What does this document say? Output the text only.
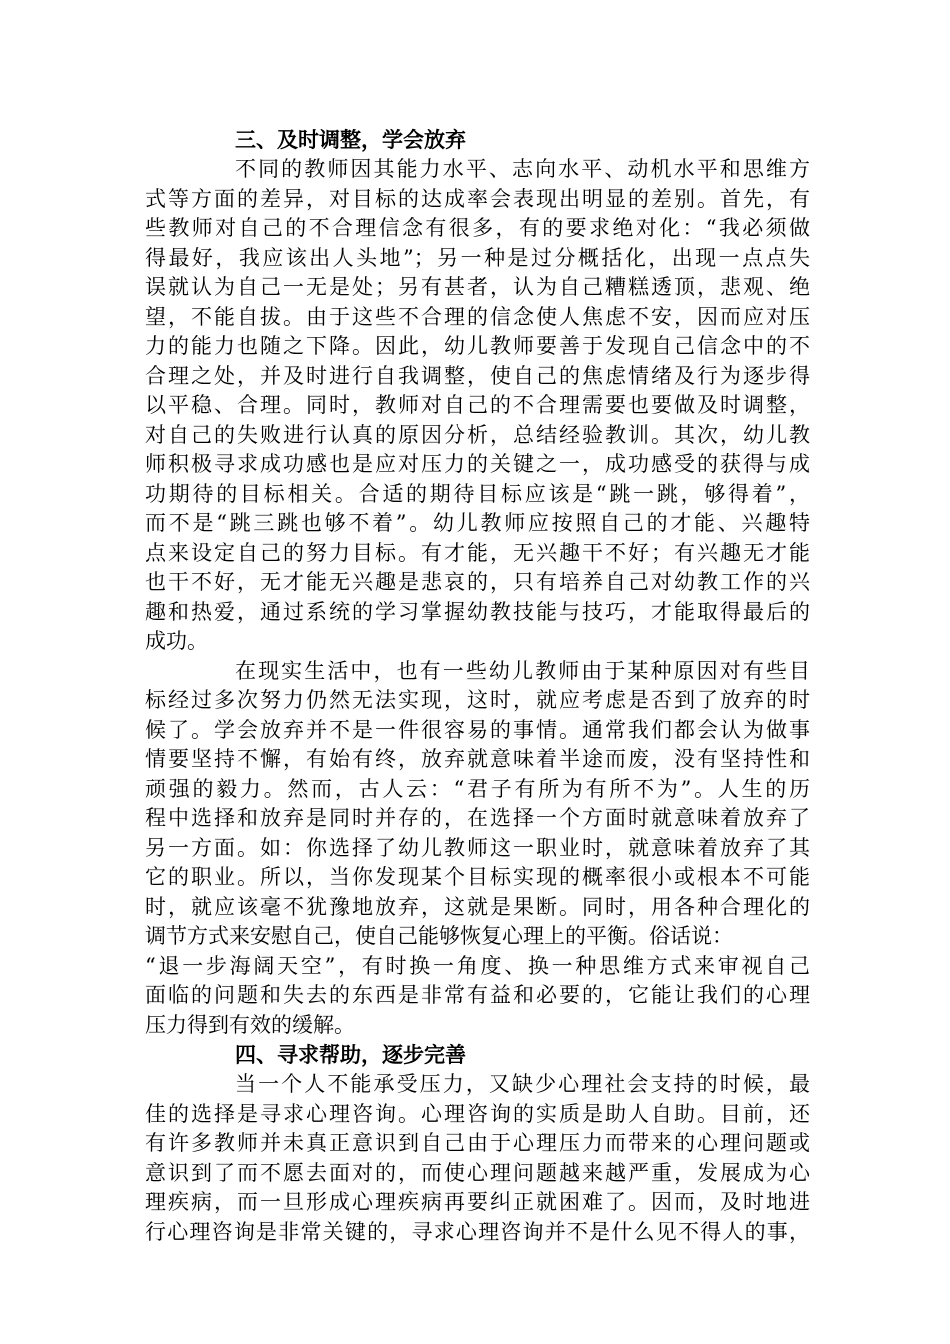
三、及时调整，学会放弃

不同的教师因其能力水平、志向水平、动机水平和思维方
式等方面的差异，对目标的达成率会表现出明显的差别。首先，有
些教师对自己的不合理信念有很多，有的要求绝对化：“我必须做
得最好，我应该出人头地”；另一种是过分概括化，出现一点点失
误就认为自己一无是处；另有甚者，认为自己糟糕透顶，悲观、绝
望，不能自拔。由于这些不合理的信念使人焦虑不安，因而应对压
力的能力也随之下降。因此，幼儿教师要善于发现自己信念中的不
合理之处，并及时进行自我调整，使自己的焦虑情绪及行为逐步得
以平稳、合理。同时，教师对自己的不合理需要也要做及时调整，
对自己的失败进行认真的原因分析，总结经验教训。其次，幼儿教
师积极寻求成功感也是应对压力的关键之一，成功感受的获得与成
功期待的目标相关。合适的期待目标应该是“跳一跳，够得着”，
而不是“跳三跳也够不着”。幼儿教师应按照自己的才能、兴趣特
点来设定自己的努力目标。有才能，无兴趣干不好；有兴趣无才能
也干不好，无才能无兴趣是悲哀的，只有培养自己对幼教工作的兴
趣和热爱，通过系统的学习掌握幼教技能与技巧，才能取得最后的
成功。

在现实生活中，也有一些幼儿教师由于某种原因对有些目
标经过多次努力仍然无法实现，这时，就应考虑是否到了放弃的时
候了。学会放弃并不是一件很容易的事情。通常我们都会认为做事
情要坚持不懈，有始有终，放弃就意味着半途而废，没有坚持性和
顽强的毅力。然而，古人云：“君子有所为有所不为”。人生的历
程中选择和放弃是同时并存的，在选择一个方面时就意味着放弃了
另一方面。如：你选择了幼儿教师这一职业时，就意味着放弃了其
它的职业。所以，当你发现某个目标实现的概率很小或根本不可能
时，就应该毫不犹豫地放弃，这就是果断。同时，用各种合理化的
调节方式来安慰自己，使自己能够恢复心理上的平衡。俗话说：
“退一步海阔天空”，有时换一角度、换一种思维方式来审视自己
面临的问题和失去的东西是非常有益和必要的，它能让我们的心理
压力得到有效的缓解。

四、寻求帮助，逐步完善

当一个人不能承受压力，又缺少心理社会支持的时候，最
佳的选择是寻求心理咨询。心理咨询的实质是助人自助。目前，还
有许多教师并未真正意识到自己由于心理压力而带来的心理问题或
意识到了而不愿去面对的，而使心理问题越来越严重，发展成为心
理疾病，而一旦形成心理疾病再要纠正就困难了。因而，及时地进
行心理咨询是非常关键的，寻求心理咨询并不是什么见不得人的事，
